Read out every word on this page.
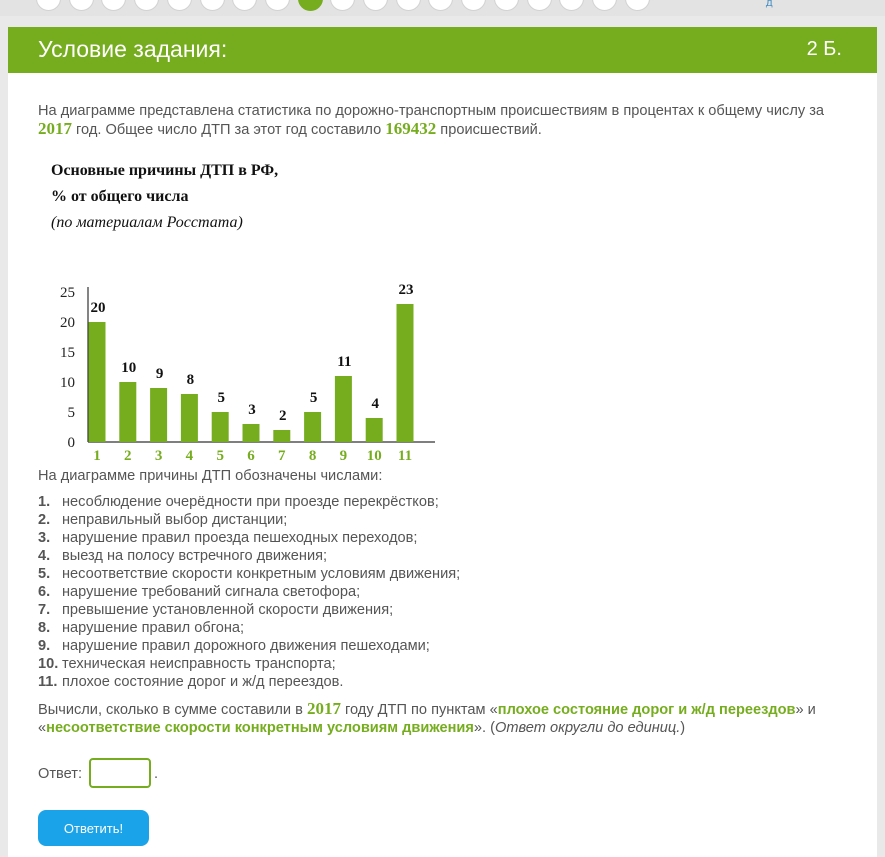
д
Условие задания:	2 Б.
На диаграмме представлена статистика по дорожно-транспортным происшествиям в процентах к общему числу за 2017 год. Общее число ДТП за этот год составило 169432 происшествий.
Основные причины ДТП в РФ,
% от общего числа
(по материалам Росстата)
0
5
10
15
20
25
20
1
10
2
9
3
8
4
5
5
3
6
2
7
5
8
11
9
4
10
23
11
На диаграмме причины ДТП обозначены числами:
1. несоблюдение очерёдности при проезде перекрёстков;
2. неправильный выбор дистанции;
3. нарушение правил проезда пешеходных переходов;
4. выезд на полосу встречного движения;
5. несоответствие скорости конкретным условиям движения;
6. нарушение требований сигнала светофора;
7. превышение установленной скорости движения;
8. нарушение правил обгона;
9. нарушение правил дорожного движения пешеходами;
10. техническая неисправность транспорта;
11. плохое состояние дорог и ж/д переездов.
Вычисли, сколько в сумме составили в 2017 году ДТП по пунктам «плохое состояние дорог и ж/д переездов» и «несоответствие скорости конкретным условиям движения». (Ответ округли до единиц.)
Ответ:	.
Ответить!
